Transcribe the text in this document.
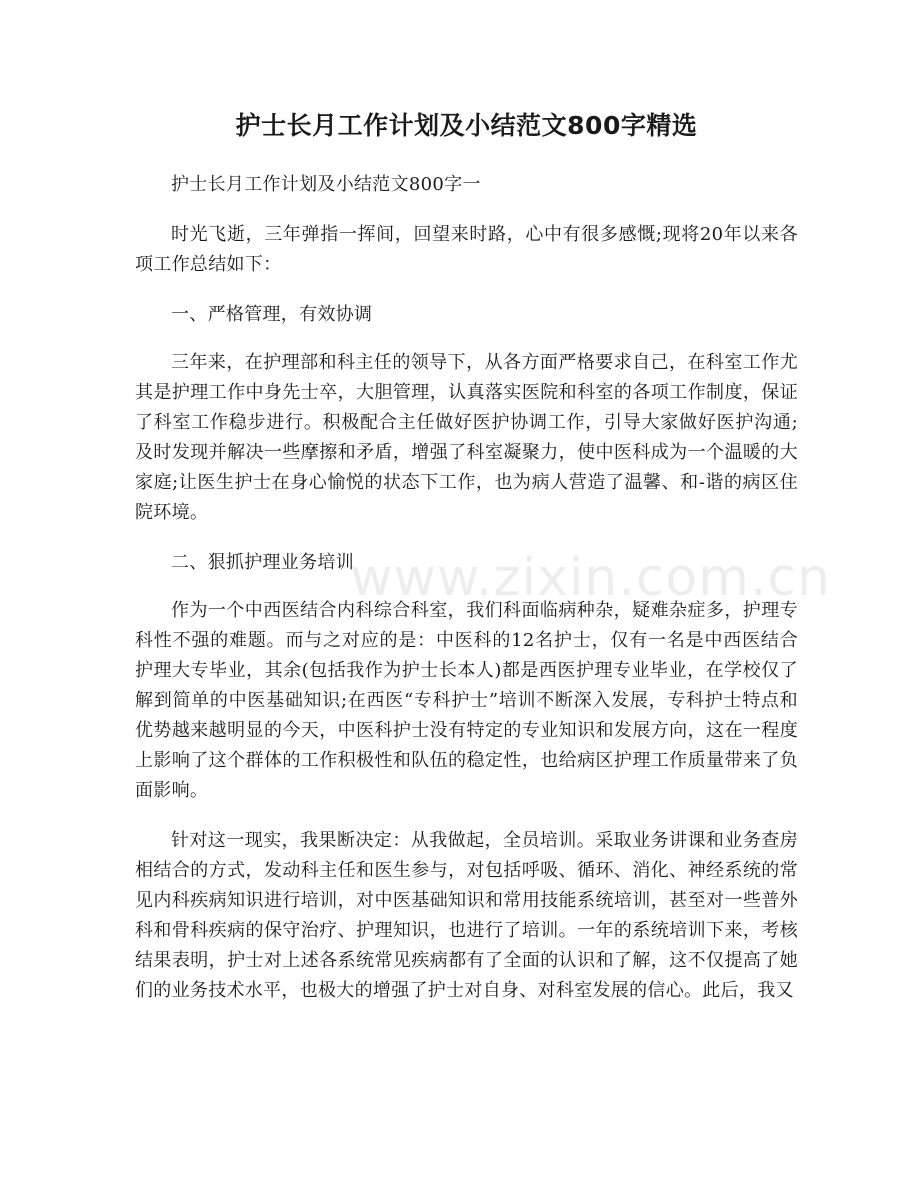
护士长月工作计划及小结范文800字精选

护士长月工作计划及小结范文800字一

时光飞逝，三年弹指一挥间，回望来时路，心中有很多感慨;现将20年以来各项工作总结如下：

一、严格管理，有效协调

三年来，在护理部和科主任的领导下，从各方面严格要求自己，在科室工作尤其是护理工作中身先士卒，大胆管理，认真落实医院和科室的各项工作制度，保证了科室工作稳步进行。积极配合主任做好医护协调工作，引导大家做好医护沟通;及时发现并解决一些摩擦和矛盾，增强了科室凝聚力，使中医科成为一个温暖的大家庭;让医生护士在身心愉悦的状态下工作，也为病人营造了温馨、和-谐的病区住院环境。

二、狠抓护理业务培训

作为一个中西医结合内科综合科室，我们科面临病种杂，疑难杂症多，护理专科性不强的难题。而与之对应的是：中医科的12名护士，仅有一名是中西医结合护理大专毕业，其余(包括我作为护士长本人)都是西医护理专业毕业，在学校仅了解到简单的中医基础知识;在西医“专科护士”培训不断深入发展，专科护士特点和优势越来越明显的今天，中医科护士没有特定的专业知识和发展方向，这在一程度上影响了这个群体的工作积极性和队伍的稳定性，也给病区护理工作质量带来了负面影响。

针对这一现实，我果断决定：从我做起，全员培训。采取业务讲课和业务查房相结合的方式，发动科主任和医生参与，对包括呼吸、循环、消化、神经系统的常见内科疾病知识进行培训，对中医基础知识和常用技能系统培训，甚至对一些普外科和骨科疾病的保守治疗、护理知识，也进行了培训。一年的系统培训下来，考核结果表明，护士对上述各系统常见疾病都有了全面的认识和了解，这不仅提高了她们的业务技术水平，也极大的增强了护士对自身、对科室发展的信心。此后，我又

www.zixin.com.cn
